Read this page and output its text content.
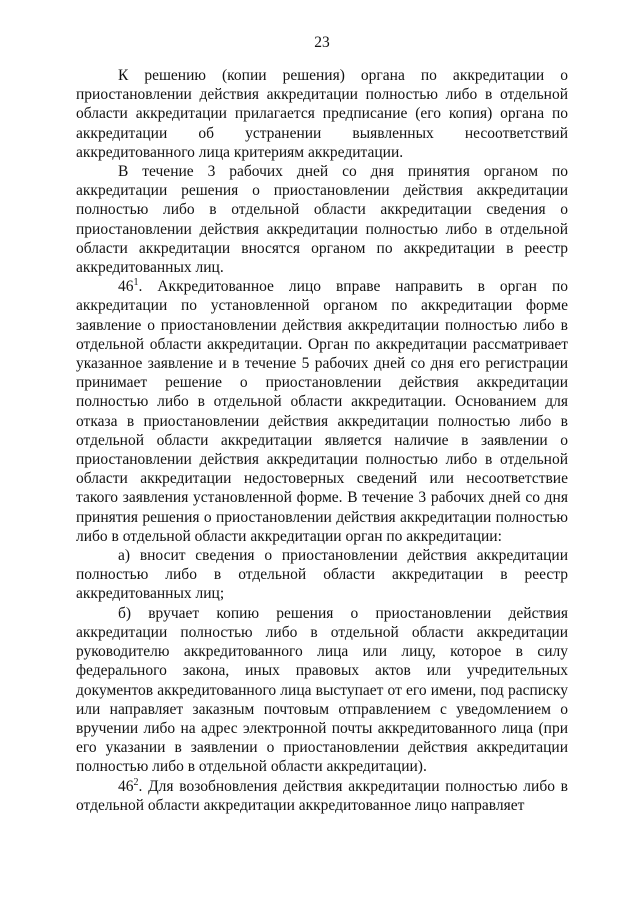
23

К решению (копии решения) органа по аккредитации о приостановлении действия аккредитации полностью либо в отдельной области аккредитации прилагается предписание (его копия) органа по аккредитации об устранении выявленных несоответствий аккредитованного лица критериям аккредитации.

В течение 3 рабочих дней со дня принятия органом по аккредитации решения о приостановлении действия аккредитации полностью либо в отдельной области аккредитации сведения о приостановлении действия аккредитации полностью либо в отдельной области аккредитации вносятся органом по аккредитации в реестр аккредитованных лиц.

$46^1$. Аккредитованное лицо вправе направить в орган по аккредитации по установленной органом по аккредитации форме заявление о приостановлении действия аккредитации полностью либо в отдельной области аккредитации. Орган по аккредитации рассматривает указанное заявление и в течение 5 рабочих дней со дня его регистрации принимает решение о приостановлении действия аккредитации полностью либо в отдельной области аккредитации. Основанием для отказа в приостановлении действия аккредитации полностью либо в отдельной области аккредитации является наличие в заявлении о приостановлении действия аккредитации полностью либо в отдельной области аккредитации недостоверных сведений или несоответствие такого заявления установленной форме. В течение 3 рабочих дней со дня принятия решения о приостановлении действия аккредитации полностью либо в отдельной области аккредитации орган по аккредитации:

а) вносит сведения о приостановлении действия аккредитации полностью либо в отдельной области аккредитации в реестр аккредитованных лиц;

б) вручает копию решения о приостановлении действия аккредитации полностью либо в отдельной области аккредитации руководителю аккредитованного лица или лицу, которое в силу федерального закона, иных правовых актов или учредительных документов аккредитованного лица выступает от его имени, под расписку или направляет заказным почтовым отправлением с уведомлением о вручении либо на адрес электронной почты аккредитованного лица (при его указании в заявлении о приостановлении действия аккредитации полностью либо в отдельной области аккредитации).

$46^2$. Для возобновления действия аккредитации полностью либо в отдельной области аккредитации аккредитованное лицо направляет
